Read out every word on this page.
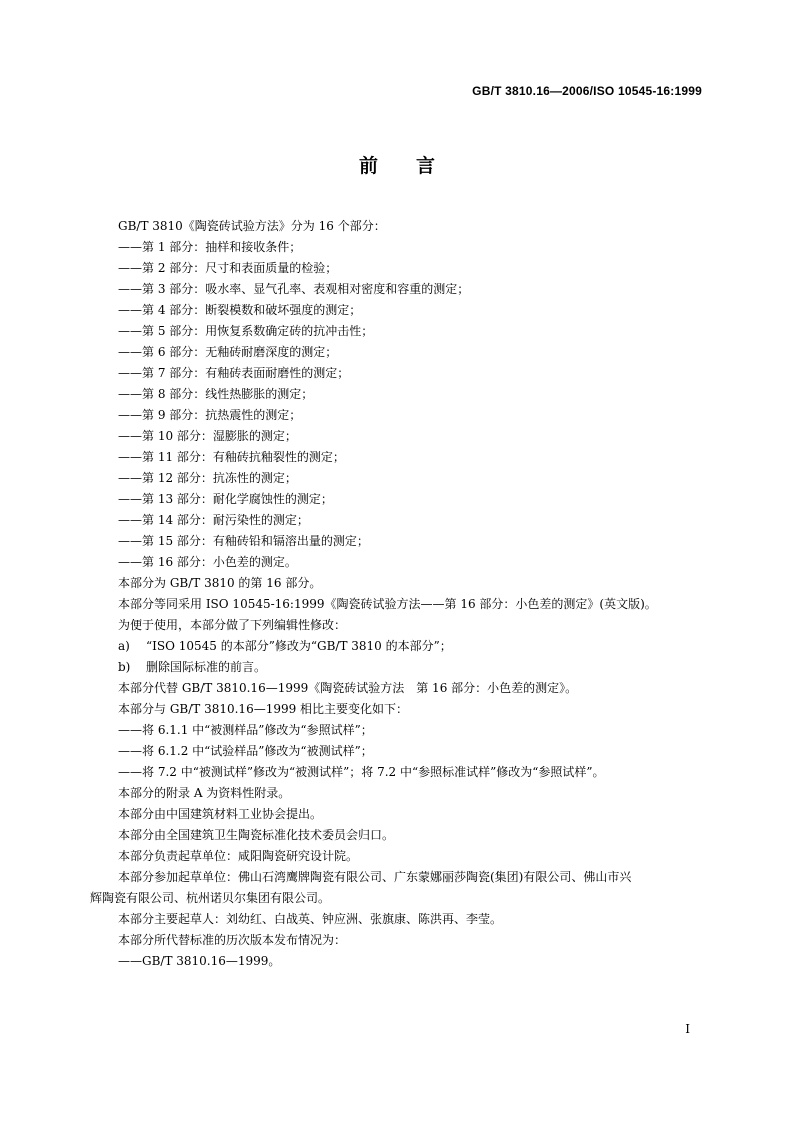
GB/T 3810.16—2006/ISO 10545-16:1999
前言
GB/T 3810《陶瓷砖试验方法》分为 16 个部分：
——第 1 部分：抽样和接收条件；
——第 2 部分：尺寸和表面质量的检验；
——第 3 部分：吸水率、显气孔率、表观相对密度和容重的测定；
——第 4 部分：断裂模数和破坏强度的测定；
——第 5 部分：用恢复系数确定砖的抗冲击性；
——第 6 部分：无釉砖耐磨深度的测定；
——第 7 部分：有釉砖表面耐磨性的测定；
——第 8 部分：线性热膨胀的测定；
——第 9 部分：抗热震性的测定；
——第 10 部分：湿膨胀的测定；
——第 11 部分：有釉砖抗釉裂性的测定；
——第 12 部分：抗冻性的测定；
——第 13 部分：耐化学腐蚀性的测定；
——第 14 部分：耐污染性的测定；
——第 15 部分：有釉砖铅和镉溶出量的测定；
——第 16 部分：小色差的测定。
本部分为 GB/T 3810 的第 16 部分。
本部分等同采用 ISO 10545-16:1999《陶瓷砖试验方法——第 16 部分：小色差的测定》(英文版)。
为便于使用，本部分做了下列编辑性修改：
a) “ISO 10545 的本部分”修改为“GB/T 3810 的本部分”；
b) 删除国际标准的前言。
本部分代替 GB/T 3810.16—1999《陶瓷砖试验方法　第 16 部分：小色差的测定》。
本部分与 GB/T 3810.16—1999 相比主要变化如下：
——将 6.1.1 中“被测样品”修改为“参照试样”；
——将 6.1.2 中“试验样品”修改为“被测试样”；
——将 7.2 中“被测试样”修改为“被测试样”；将 7.2 中“参照标准试样”修改为“参照试样”。
本部分的附录 A 为资料性附录。
本部分由中国建筑材料工业协会提出。
本部分由全国建筑卫生陶瓷标准化技术委员会归口。
本部分负责起草单位：咸阳陶瓷研究设计院。
本部分参加起草单位：佛山石湾鹰牌陶瓷有限公司、广东蒙娜丽莎陶瓷(集团)有限公司、佛山市兴
辉陶瓷有限公司、杭州诺贝尔集团有限公司。
本部分主要起草人：刘幼红、白战英、钟应洲、张旗康、陈洪再、李莹。
本部分所代替标准的历次版本发布情况为：
——GB/T 3810.16—1999。
I
